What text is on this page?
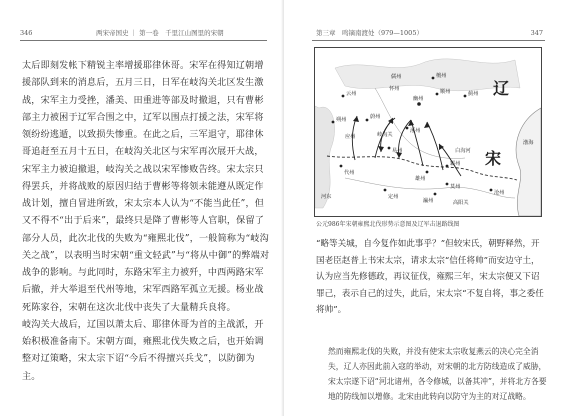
346	两宋帝国史 ｜ 第一卷　千里江山图里的宋朝

太后即刻发帐下精锐主率增援耶律休哥。宋军在得知辽朝增援部队到来的消息后，五月三日，日军在岐沟关北区发生激战，宋军主力受挫，潘美、田重进等部及时撤退，只有曹彬部主力被困于辽军合围之中，辽军以围点打援之法，宋军将领纷纷逃遁，以致损失惨重。在此之后，三军退守，耶律休哥追赶至五月十五日，在岐沟关北区与宋军再次展开大战，宋军主力被迫撤退，岐沟关之战以宋军惨败告终。宋太宗只得罢兵，并将战败的原因归结于曹彬等将领未能遵从既定作战计划，擅自冒进所致，宋太宗本人认为“不能当此任”，但又不得不“出于后来”，最终只是降了曹彬等人官职，保留了部分人员，此次北伐的失败为“雍熙北伐”，一般简称为“岐沟关之战”，以表明当时宋朝“重文轻武”与“将从中御”的弊端对战争的影响。与此同时，东路宋军主力被歼，中西两路宋军后撤，并大举退至代州等地，宋军西路军孤立无援。杨业战死陈家谷，宋朝在这次北伐中丧失了大量精兵良将。

岐沟关大战后，辽国以萧太后、耶律休哥为首的主战派，开始积极准备南下。宋朝方面，雍熙北伐失败之后，也开始调整对辽策略，宋太宗下诏“今后不得擅兴兵戈”，以防御为主。

第三章　鸣镝南渡处（979—1005）	347
辽
宋
幽州
顺州
檀州
蓟州
涿州
岐沟关
易州
雄州
霸州
定州
瀛州
莫州
高阳关
沧州
云州
朔州
应州
代州
蔚州
河东
渤海
白沟河
怀州
儒州
公元986年宋朝雍熙北伐形势示意图及辽军击退路线图

“略等关城，自今复作如此事乎？”但较宋氏，朝野释然，开国老臣赵普上书宋太宗，请求太宗“信任将帅”而安边守土，认为应当先修德政，再议征伐，雍熙三年，宋太宗便又下诏罪己，表示自己的过失，此后，宋太宗“不复自将，事之委任将帅”。

然而雍熙北伐的失败，并没有使宋太宗收复燕云的决心完全消失，辽人亦因此前入寇的举动，对宋朝的北方防线造成了威胁，宋太宗遂下诏“河北诸州，各令修城，以备其冲”，并将北方各要地的防线加以增修。北宋由此转向以防守为主的对辽战略。
